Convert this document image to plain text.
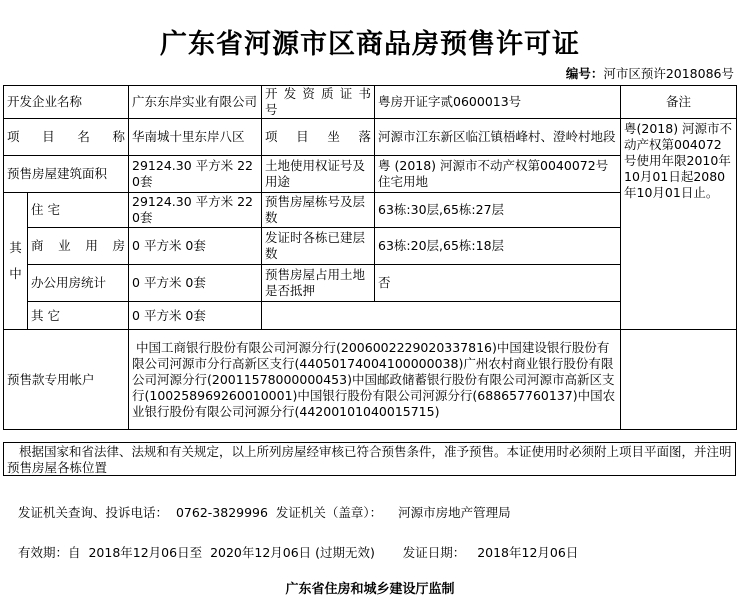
广东省河源市区商品房预售许可证
编号：河市区预许2018086号
开发企业名称		广东东岸实业有限公司	开 发 资 质 证 书 号	粤房开证字贰0600013号	备注
项 目 名 称		华南城十里东岸八区	项 目 坐 落	河源市江东新区临江镇梧峰村、澄岭村地段	粤(2018) 河源市不动产权第004072号使用年限2010年10月01日起2080年10月01日止。
预售房屋建筑面积		29124.30 平方米 220套	土地使用权证号及用途	粤 (2018) 河源市不动产权第0040072号 住宅用地	

其
中	住 宅	29124.30 平方米 220套	预售房屋栋号及层数	63栋:30层,65栋:27层	
	商 业 用 房	0 平方米 0套	发证时各栋已建层数	63栋:20层,65栋:18层	
	办公用房统计	0 平方米 0套	预售房屋占用土地是否抵押	否	
	其 它	0 平方米 0套			
预售款专用帐户		中国工商银行股份有限公司河源分行(2006002229020337816)中国建设银行股份有限公司河源市分行高新区支行(44050174004100000038)广州农村商业银行股份有限公司河源分行(20011578000000453)中国邮政储蓄银行股份有限公司河源市高新区支行(100258969260010001)中国银行股份有限公司河源分行(688657760137)中国农业银行股份有限公司河源分行(44200101040015715)			
根据国家和省法律、法规和有关规定，以上所列房屋经审核已符合预售条件，准予预售。本证使用时必须附上项目平面图，并注明预售房屋各栋位置
发证机关查询、投诉电话： 0762-3829996 发证机关（盖章）： 河源市房地产管理局
有效期：自 2018年12月06日至 2020年12月06日 (过期无效) 发证日期： 2018年12月06日
广东省住房和城乡建设厅监制
